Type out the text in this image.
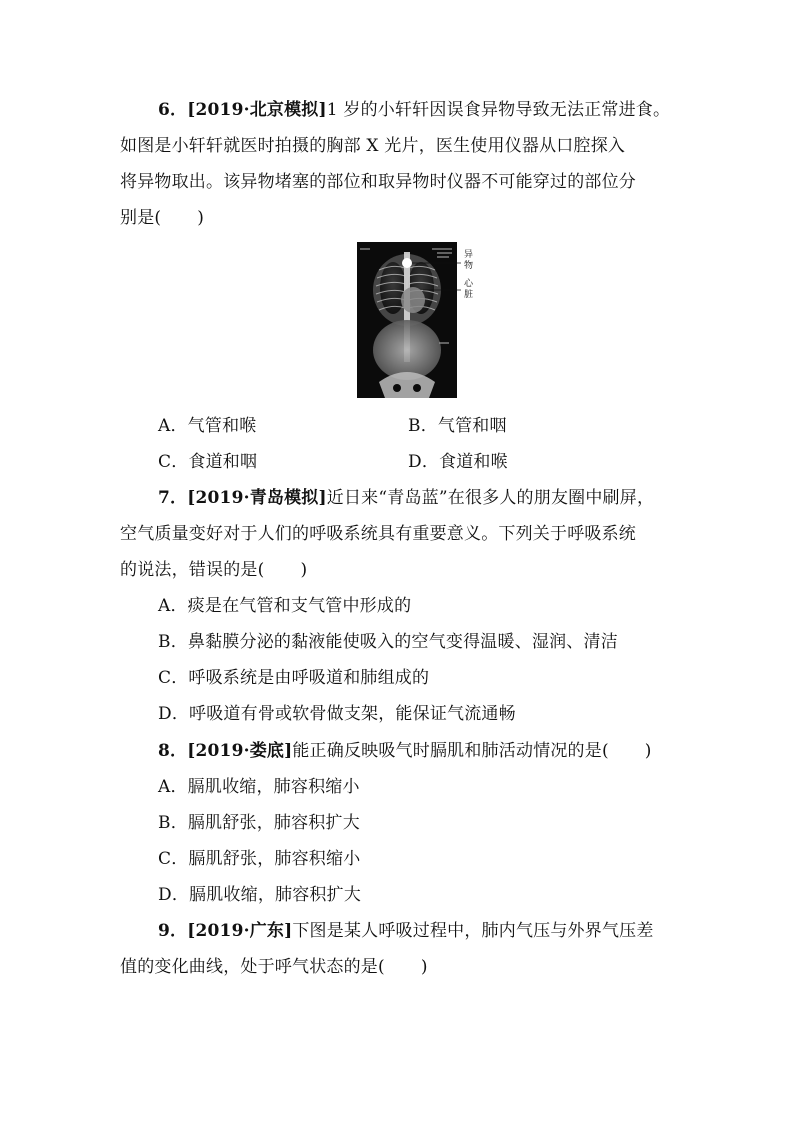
6．[2019·北京模拟]1 岁的小轩轩因误食异物导致无法正常进食。
如图是小轩轩就医时拍摄的胸部 X 光片，医生使用仪器从口腔探入
将异物取出。该异物堵塞的部位和取异物时仪器不可能穿过的部位分
别是( )
异物
心脏
A．气管和喉	B．气管和咽
C．食道和咽	D．食道和喉
7．[2019·青岛模拟]近日来“青岛蓝”在很多人的朋友圈中刷屏，
空气质量变好对于人们的呼吸系统具有重要意义。下列关于呼吸系统
的说法，错误的是( )
A．痰是在气管和支气管中形成的
B．鼻黏膜分泌的黏液能使吸入的空气变得温暖、湿润、清洁
C．呼吸系统是由呼吸道和肺组成的
D．呼吸道有骨或软骨做支架，能保证气流通畅
8．[2019·娄底]能正确反映吸气时膈肌和肺活动情况的是( )
A．膈肌收缩，肺容积缩小
B．膈肌舒张，肺容积扩大
C．膈肌舒张，肺容积缩小
D．膈肌收缩，肺容积扩大
9．[2019·广东]下图是某人呼吸过程中，肺内气压与外界气压差
值的变化曲线，处于呼气状态的是( )
